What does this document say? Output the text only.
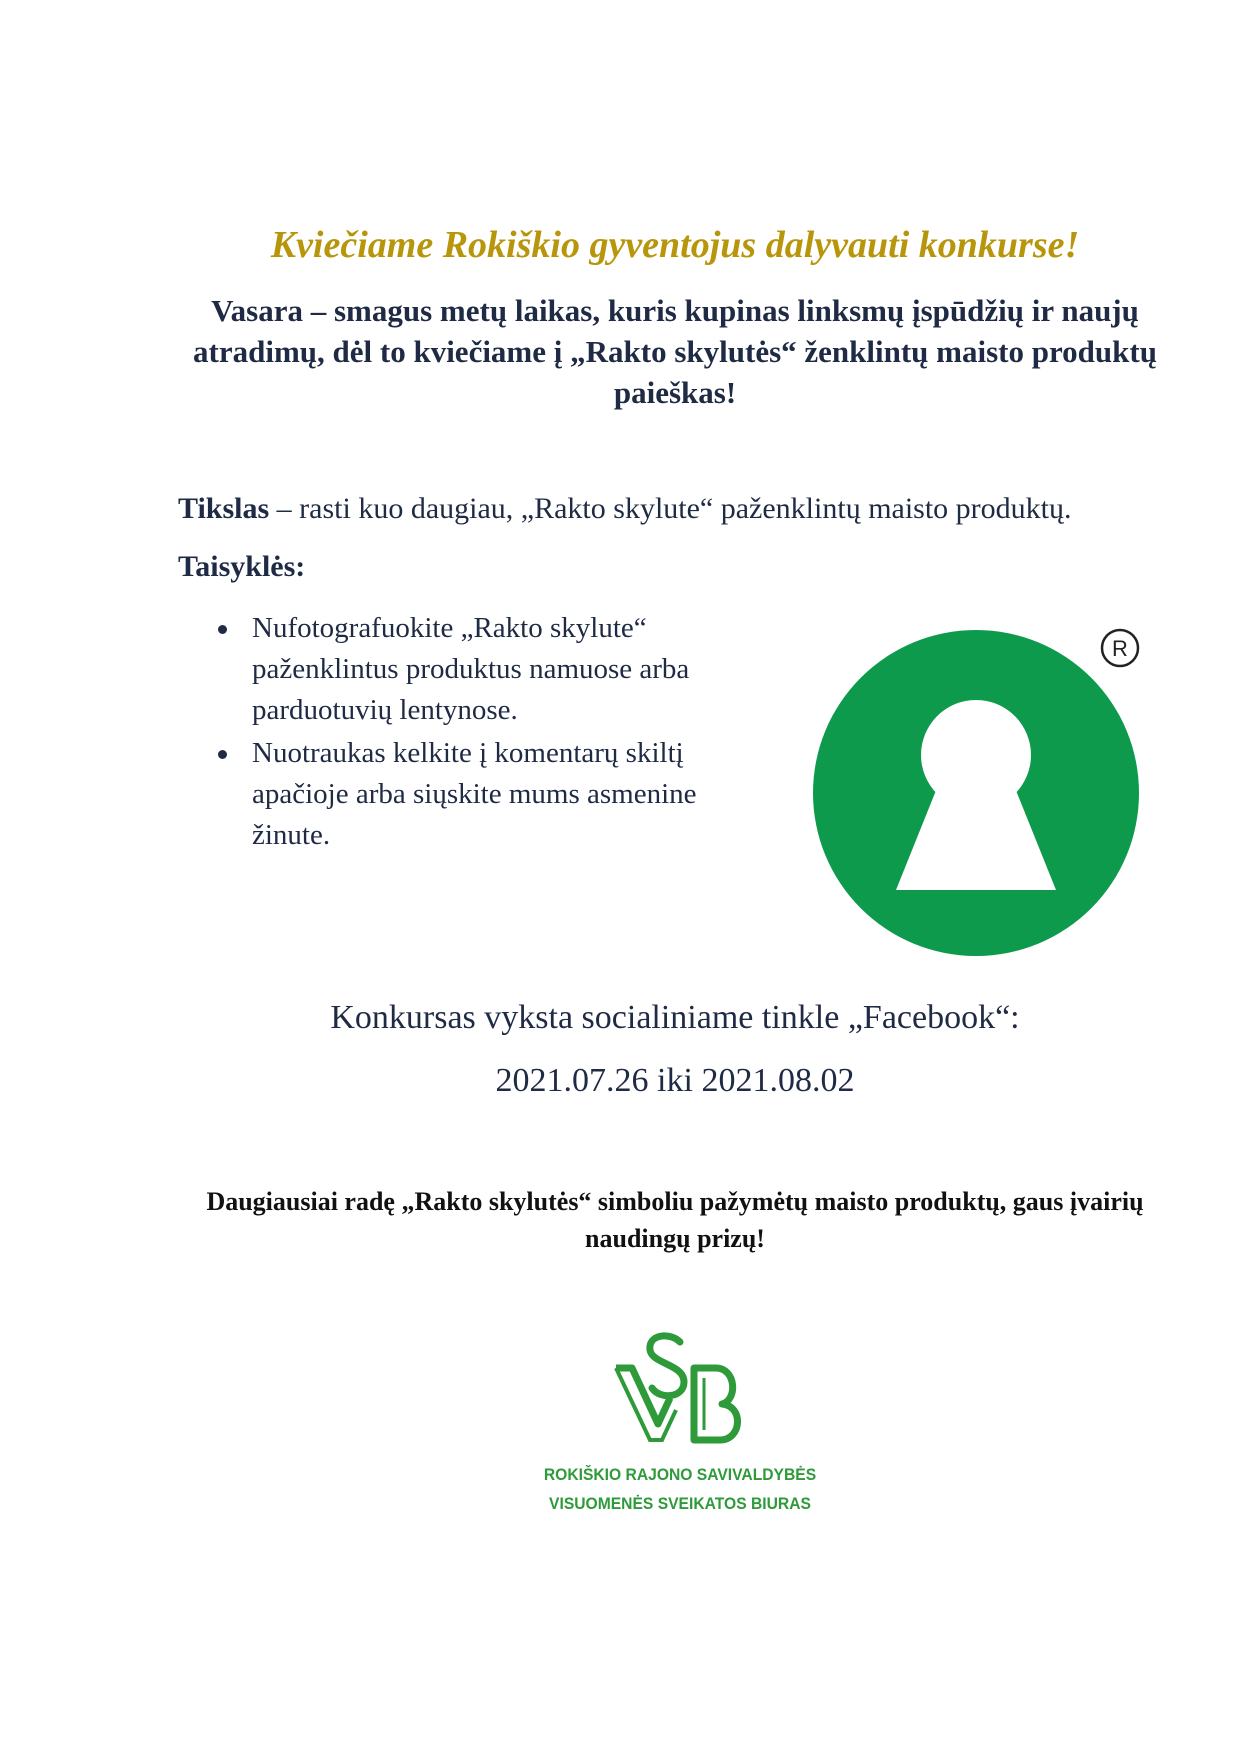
Kviečiame Rokiškio gyventojus dalyvauti konkurse!

Vasara – smagus metų laikas, kuris kupinas linksmų įspūdžių ir naujų atradimų, dėl to kviečiame į „Rakto skylutės“ ženklintų maisto produktų paieškas!

Tikslas – rasti kuo daugiau, „Rakto skylute“ paženklintų maisto produktų.

Taisyklės:

Nufotografuokite „Rakto skylute“ paženklintus produktus namuose arba parduotuvių lentynose.
Nuotraukas kelkite į komentarų skiltį apačioje arba siųskite mums asmenine žinute.
R

Konkursas vyksta socialiniame tinkle „Facebook“:

2021.07.26 iki 2021.08.02

Daugiausiai radę „Rakto skylutės“ simboliu pažymėtų maisto produktų, gaus įvairių naudingų prizų!

ROKIŠKIO RAJONO SAVIVALDYBĖS
VISUOMENĖS SVEIKATOS BIURAS
